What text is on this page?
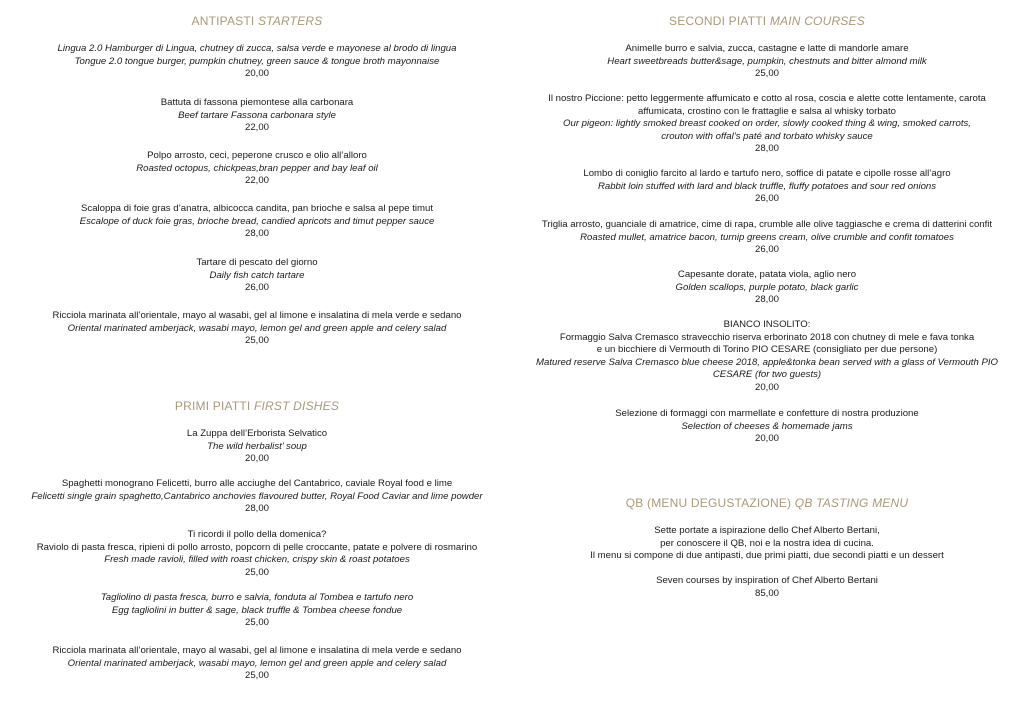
ANTIPASTI STARTERS
Lingua 2.0 Hamburger di Lingua, chutney di zucca, salsa verde e mayonese al brodo di lingua
Tongue 2.0 tongue burger, pumpkin chutney, green sauce & tongue broth mayonnaise
20,00
Battuta di fassona piemontese alla carbonara
Beef tartare Fassona carbonara style
22,00
Polpo arrosto, ceci, peperone crusco e olio all’alloro
Roasted octopus, chickpeas,bran pepper and bay leaf oil
22,00
Scaloppa di foie gras d’anatra, albicocca candita, pan brioche e salsa al pepe timut
Escalope of duck foie gras, brioche bread, candied apricots and timut pepper sauce
28,00
Tartare di pescato del giorno
Daily fish catch tartare
26,00
Ricciola marinata all’orientale, mayo al wasabi, gel al limone e insalatina di mela verde e sedano
Oriental marinated amberjack, wasabi mayo, lemon gel and green apple and celery salad
25,00
PRIMI PIATTI FIRST DISHES
La Zuppa dell’Erborista Selvatico
The wild herbalist’ soup
20,00
Spaghetti monograno Felicetti, burro alle acciughe del Cantabrico, caviale Royal food e lime
Felicetti single grain spaghetto,Cantabrico anchovies flavoured butter, Royal Food Caviar and lime powder
28,00
Ti ricordi il pollo della domenica?
Raviolo di pasta fresca, ripieni di pollo arrosto, popcorn di pelle croccante, patate e polvere di rosmarino
Fresh made ravioli, filled with roast chicken, crispy skin & roast potatoes
25,00
Tagliolino di pasta fresca, burro e salvia, fonduta al Tombea e tartufo nero
Egg tagliolini in butter & sage, black truffle & Tombea cheese fondue
25,00
Ricciola marinata all’orientale, mayo al wasabi, gel al limone e insalatina di mela verde e sedano
Oriental marinated amberjack, wasabi mayo, lemon gel and green apple and celery salad
25,00
SECONDI PIATTI MAIN COURSES
Animelle burro e salvia, zucca, castagne e latte di mandorle amare
Heart sweetbreads butter&sage, pumpkin, chestnuts and bitter almond milk
25,00
Il nostro Piccione: petto leggermente affumicato e cotto al rosa, coscia e alette cotte lentamente, carota
affumicata, crostino con le frattaglie e salsa al whisky torbato
Our pigeon: lightly smoked breast cooked on order, slowly cooked thing & wing, smoked carrots,
crouton with offal’s paté and torbato whisky sauce
28,00
Lombo di coniglio farcito al lardo e tartufo nero, soffice di patate e cipolle rosse all’agro
Rabbit loin stuffed with lard and black truffle, fluffy potatoes and sour red onions
26,00
Triglia arrosto, guanciale di amatrice, cime di rapa, crumble alle olive taggiasche e crema di datterini confit
Roasted mullet, amatrice bacon, turnip greens cream, olive crumble and confit tomatoes
26,00
Capesante dorate, patata viola, aglio nero
Golden scallops, purple potato, black garlic
28,00
BIANCO INSOLITO:
Formaggio Salva Cremasco stravecchio riserva erborinato 2018 con chutney di mele e fava tonka
e un bicchiere di Vermouth di Torino PIO CESARE (consigliato per due persone)
Matured reserve Salva Cremasco blue cheese 2018, apple&tonka bean served with a glass of Vermouth PIO
CESARE (for two guests)
20,00
Selezione di formaggi con marmellate e confetture di nostra produzione
Selection of cheeses & homemade jams
20,00
QB (MENU DEGUSTAZIONE) QB TASTING MENU
Sette portate a ispirazione dello Chef Alberto Bertani,
per conoscere il QB, noi e la nostra idea di cucina.
Il menu si compone di due antipasti, due primi piatti, due secondi piatti e un dessert
Seven courses by inspiration of Chef Alberto Bertani
85,00
